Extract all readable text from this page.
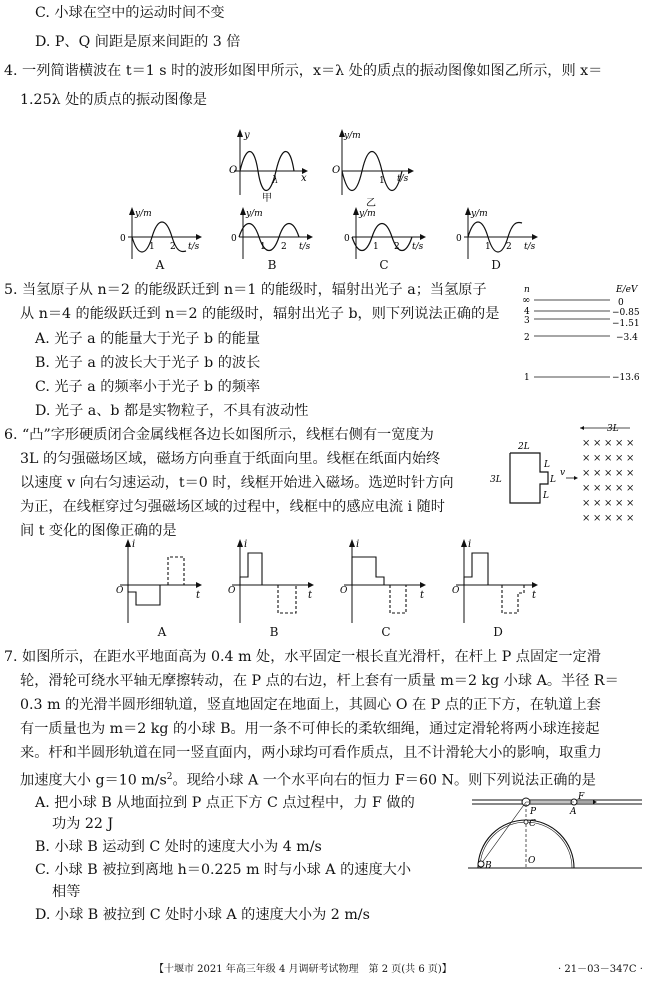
C. 小球在空中的运动时间不变
D. P、Q 间距是原来间距的 3 倍
4. 一列简谐横波在 t＝1 s 时的波形如图甲所示，x＝λ 处的质点的振动图像如图乙所示，则 x＝
1.25λ 处的质点的振动图像是
y
x
O
λ
甲
y/m
t/s
O
1
乙
y/m
t/s
0
1 2
y/m
t/s
0
1 2
y/m
t/s
0
1 2
y/m
t/s
0
1 2
A	B	C	D
5. 当氢原子从 n＝2 的能级跃迁到 n＝1 的能级时，辐射出光子 a；当氢原子
从 n＝4 的能级跃迁到 n＝2 的能级时，辐射出光子 b，则下列说法正确的是
A. 光子 a 的能量大于光子 b 的能量
B. 光子 a 的波长大于光子 b 的波长
C. 光子 a 的频率小于光子 b 的频率
D. 光子 a、b 都是实物粒子，不具有波动性
n	E/eV
∞	0
4	−0.85
3	−1.51
2	−3.4
1	−13.6
6. “凸”字形硬质闭合金属线框各边长如图所示，线框右侧有一宽度为
3L 的匀强磁场区域，磁场方向垂直于纸面向里。线框在纸面内始终
以速度 v 向右匀速运动，t＝0 时，线框开始进入磁场。选逆时针方向
为正，在线框穿过匀强磁场区域的过程中，线框中的感应电流 i 随时
间 t 变化的图像正确的是
2L
3L
L
L
L
v
3L
× × × × ×
× × × × ×
× × × × ×
× × × × ×
× × × × ×
× × × × ×
i
t
O
i
t
O
i
t
O
i
t
O
A	B	C	D
7. 如图所示，在距水平地面高为 0.4 m 处，水平固定一根长直光滑杆，在杆上 P 点固定一定滑
轮，滑轮可绕水平轴无摩擦转动，在 P 点的右边，杆上套有一质量 m＝2 kg 小球 A。半径 R＝
0.3 m 的光滑半圆形细轨道，竖直地固定在地面上，其圆心 O 在 P 点的正下方，在轨道上套
有一质量也为 m＝2 kg 的小球 B。用一条不可伸长的柔软细绳，通过定滑轮将两小球连接起
来。杆和半圆形轨道在同一竖直面内，两小球均可看作质点，且不计滑轮大小的影响，取重力
加速度大小 g＝10 $m/s^2$。现给小球 A 一个水平向右的恒力 F＝60 N。则下列说法正确的是
A. 把小球 B 从地面拉到 P 点正下方 C 点过程中，力 F 做的
功为 22 J
B. 小球 B 运动到 C 处时的速度大小为 4 m/s
C. 小球 B 被拉到离地 h＝0.225 m 时与小球 A 的速度大小
相等
D. 小球 B 被拉到 C 处时小球 A 的速度大小为 2 m/s
P
C
A
F
B	O
【十堰市 2021 年高三年级 4 月调研考试物理　第 2 页(共 6 页)】	· 21－03－347C ·
